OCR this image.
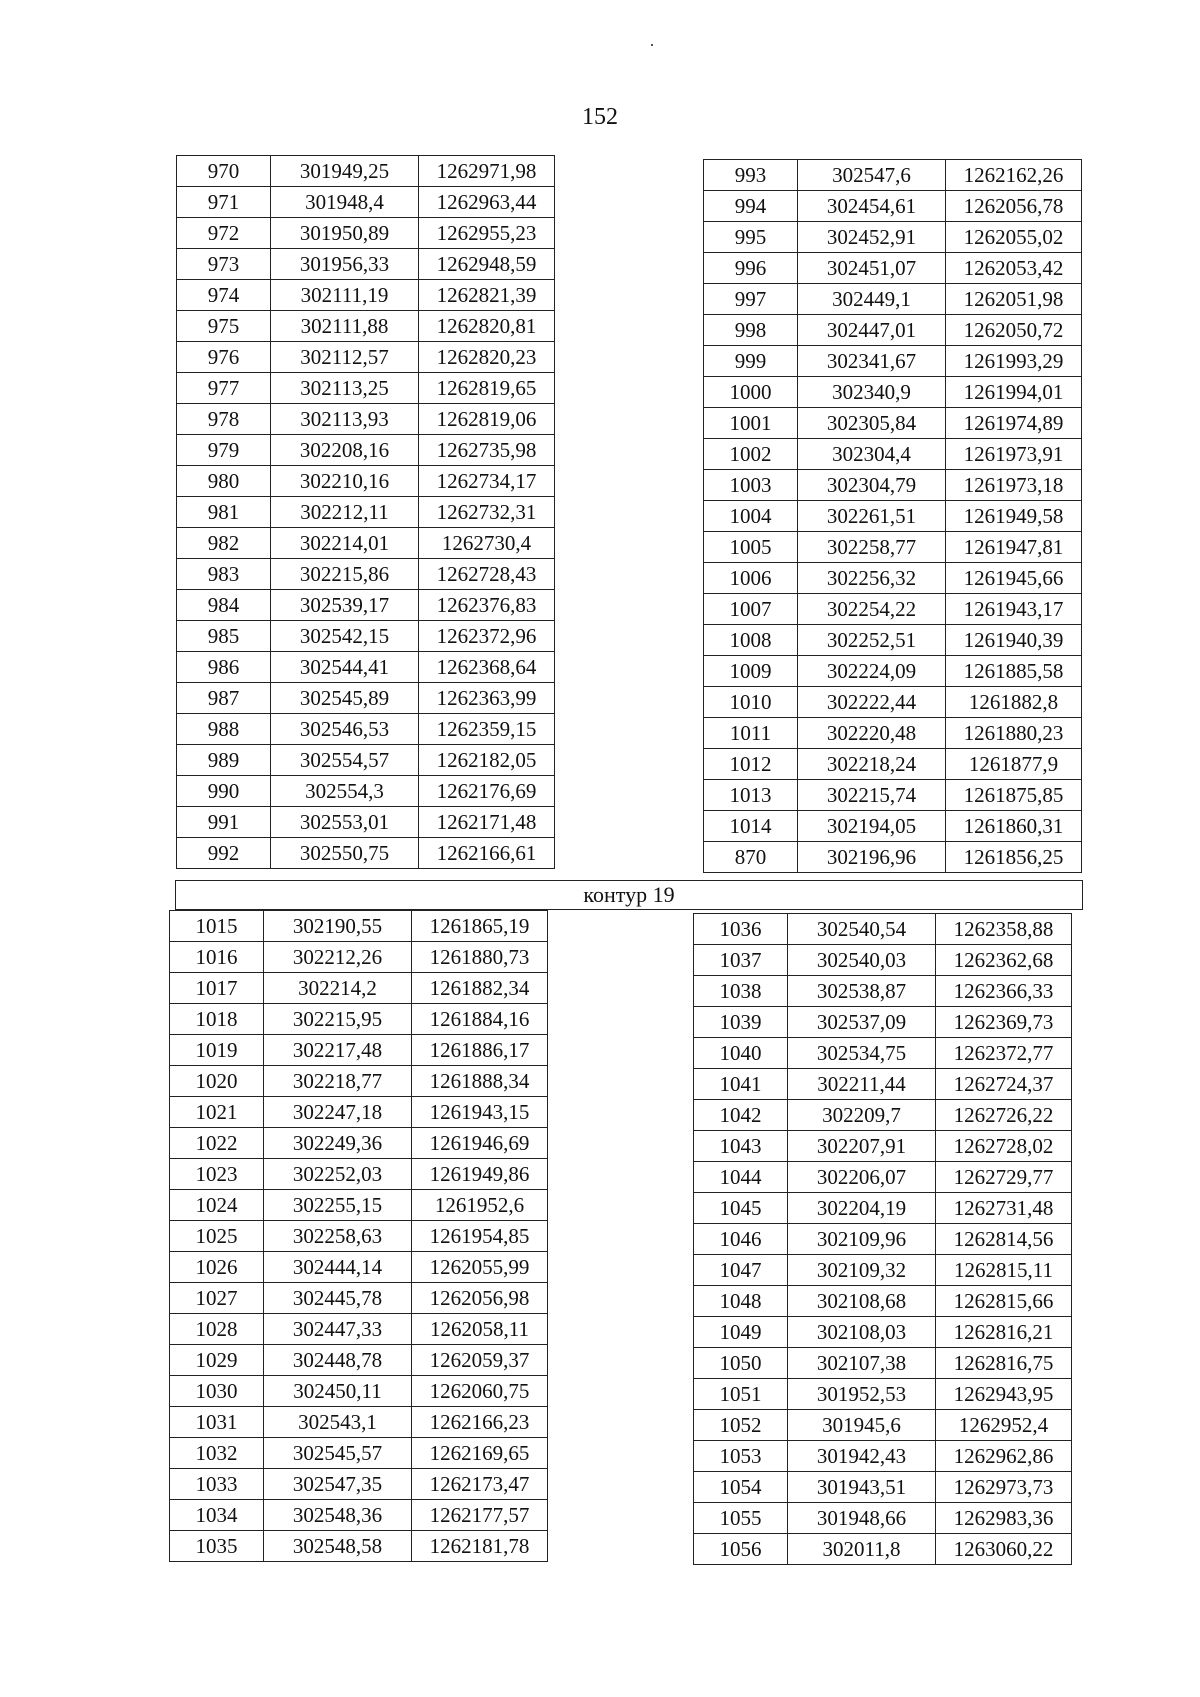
152
970	301949,25	1262971,98
971	301948,4	1262963,44
972	301950,89	1262955,23
973	301956,33	1262948,59
974	302111,19	1262821,39
975	302111,88	1262820,81
976	302112,57	1262820,23
977	302113,25	1262819,65
978	302113,93	1262819,06
979	302208,16	1262735,98
980	302210,16	1262734,17
981	302212,11	1262732,31
982	302214,01	1262730,4
983	302215,86	1262728,43
984	302539,17	1262376,83
985	302542,15	1262372,96
986	302544,41	1262368,64
987	302545,89	1262363,99
988	302546,53	1262359,15
989	302554,57	1262182,05
990	302554,3	1262176,69
991	302553,01	1262171,48
992	302550,75	1262166,61
993	302547,6	1262162,26
994	302454,61	1262056,78
995	302452,91	1262055,02
996	302451,07	1262053,42
997	302449,1	1262051,98
998	302447,01	1262050,72
999	302341,67	1261993,29
1000	302340,9	1261994,01
1001	302305,84	1261974,89
1002	302304,4	1261973,91
1003	302304,79	1261973,18
1004	302261,51	1261949,58
1005	302258,77	1261947,81
1006	302256,32	1261945,66
1007	302254,22	1261943,17
1008	302252,51	1261940,39
1009	302224,09	1261885,58
1010	302222,44	1261882,8
1011	302220,48	1261880,23
1012	302218,24	1261877,9
1013	302215,74	1261875,85
1014	302194,05	1261860,31
870	302196,96	1261856,25
контур 19
1015	302190,55	1261865,19
1016	302212,26	1261880,73
1017	302214,2	1261882,34
1018	302215,95	1261884,16
1019	302217,48	1261886,17
1020	302218,77	1261888,34
1021	302247,18	1261943,15
1022	302249,36	1261946,69
1023	302252,03	1261949,86
1024	302255,15	1261952,6
1025	302258,63	1261954,85
1026	302444,14	1262055,99
1027	302445,78	1262056,98
1028	302447,33	1262058,11
1029	302448,78	1262059,37
1030	302450,11	1262060,75
1031	302543,1	1262166,23
1032	302545,57	1262169,65
1033	302547,35	1262173,47
1034	302548,36	1262177,57
1035	302548,58	1262181,78
1036	302540,54	1262358,88
1037	302540,03	1262362,68
1038	302538,87	1262366,33
1039	302537,09	1262369,73
1040	302534,75	1262372,77
1041	302211,44	1262724,37
1042	302209,7	1262726,22
1043	302207,91	1262728,02
1044	302206,07	1262729,77
1045	302204,19	1262731,48
1046	302109,96	1262814,56
1047	302109,32	1262815,11
1048	302108,68	1262815,66
1049	302108,03	1262816,21
1050	302107,38	1262816,75
1051	301952,53	1262943,95
1052	301945,6	1262952,4
1053	301942,43	1262962,86
1054	301943,51	1262973,73
1055	301948,66	1262983,36
1056	302011,8	1263060,22
